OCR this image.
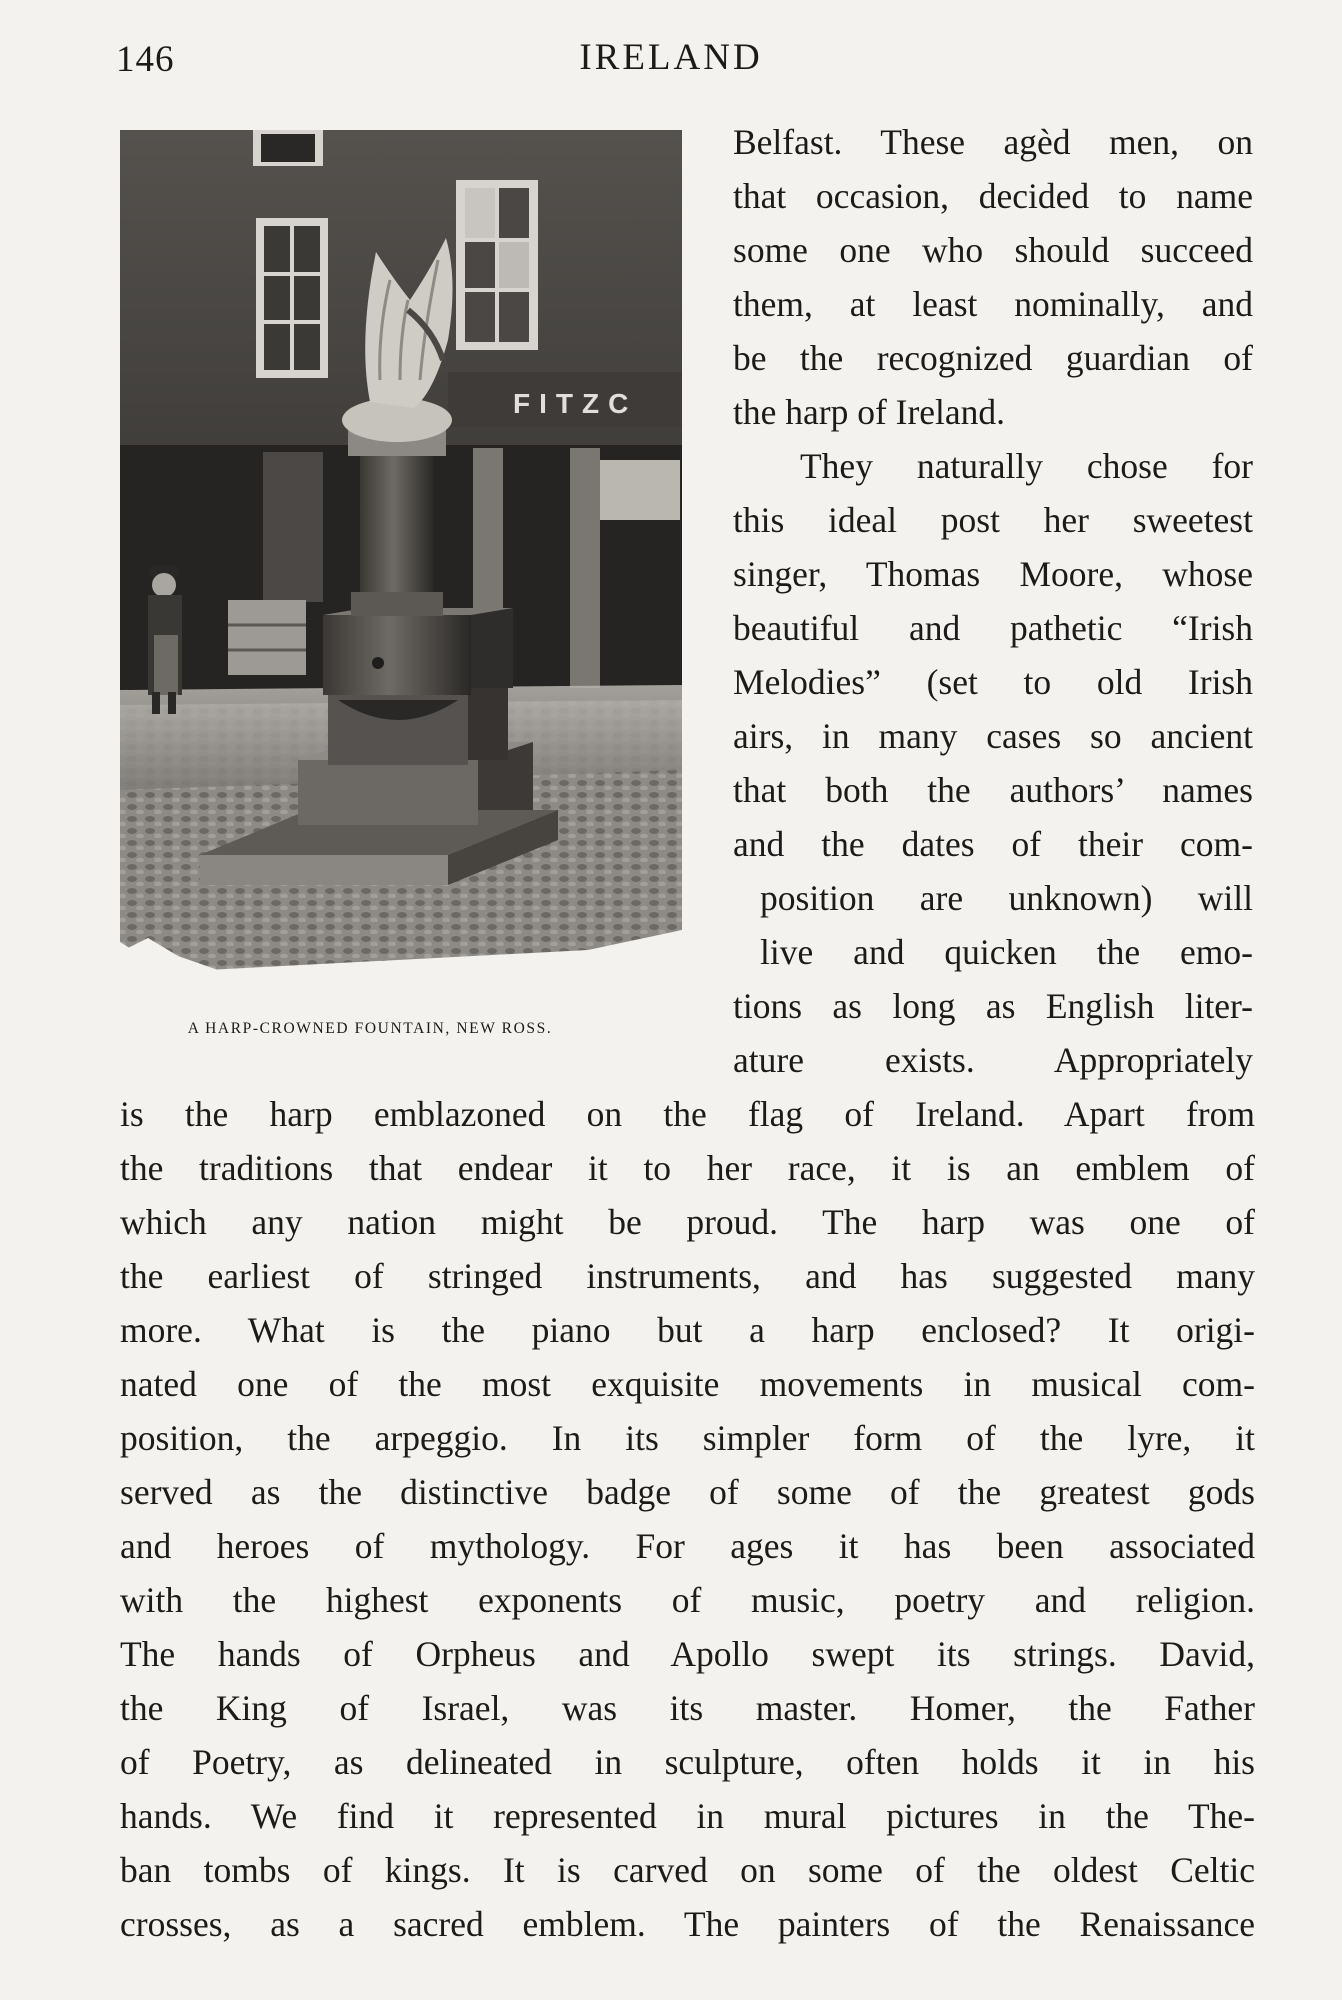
146	IRELAND
FITZC
A HARP-CROWNED FOUNTAIN, NEW ROSS.
Belfast. These agèd men, on
that occasion, decided to name
some one who should succeed
them, at least nominally, and
be the recognized guardian of
the harp of Ireland.
They naturally chose for
this ideal post her sweetest
singer, Thomas Moore, whose
beautiful and pathetic “Irish
Melodies” (set to old Irish
airs, in many cases so ancient
that both the authors’ names
and the dates of their com-
position are unknown) will
live and quicken the emo-
tions as long as English liter-
ature exists. Appropriately
is the harp emblazoned on the flag of Ireland. Apart from
the traditions that endear it to her race, it is an emblem of
which any nation might be proud. The harp was one of
the earliest of stringed instruments, and has suggested many
more. What is the piano but a harp enclosed? It origi-
nated one of the most exquisite movements in musical com-
position, the arpeggio. In its simpler form of the lyre, it
served as the distinctive badge of some of the greatest gods
and heroes of mythology. For ages it has been associated
with the highest exponents of music, poetry and religion.
The hands of Orpheus and Apollo swept its strings. David,
the King of Israel, was its master. Homer, the Father
of Poetry, as delineated in sculpture, often holds it in his
hands. We find it represented in mural pictures in the The-
ban tombs of kings. It is carved on some of the oldest Celtic
crosses, as a sacred emblem. The painters of the Renaissance
